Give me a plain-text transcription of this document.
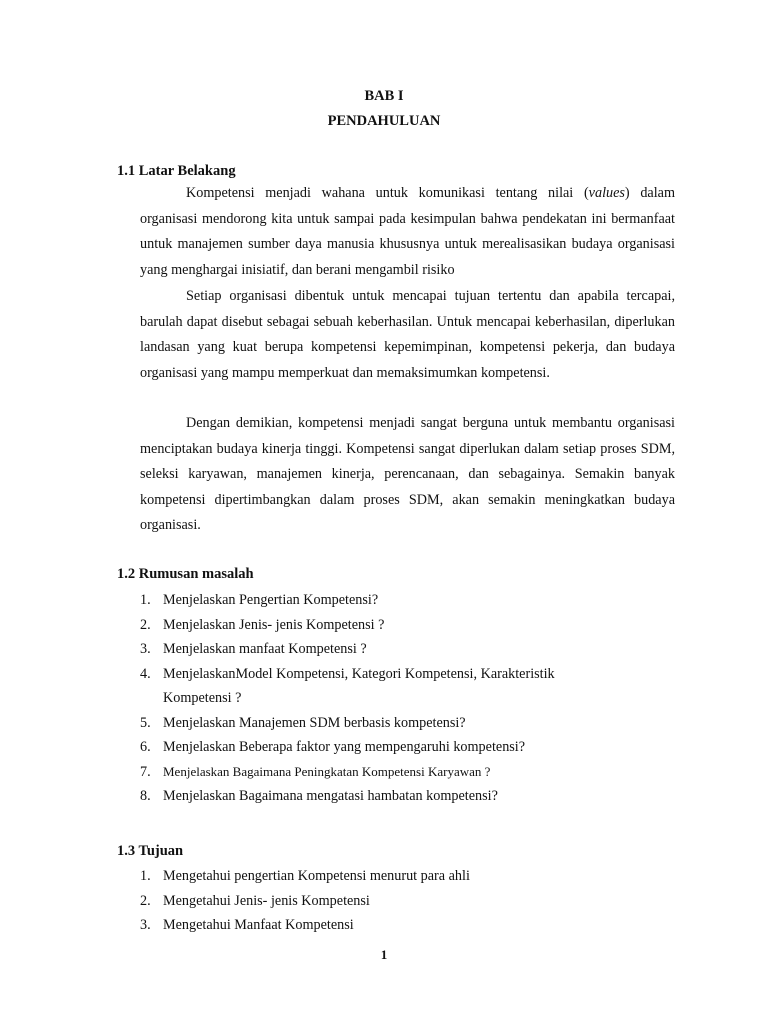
BAB I
PENDAHULUAN
1.1 Latar Belakang

Kompetensi menjadi wahana untuk komunikasi tentang nilai (values) dalam organisasi mendorong kita untuk sampai pada kesimpulan bahwa pendekatan ini bermanfaat untuk manajemen sumber daya manusia khususnya untuk merealisasikan budaya organisasi yang menghargai inisiatif, dan berani mengambil risiko

Setiap organisasi dibentuk untuk mencapai tujuan tertentu dan apabila tercapai, barulah dapat disebut sebagai sebuah keberhasilan. Untuk mencapai keberhasilan, diperlukan landasan yang kuat berupa kompetensi kepemimpinan, kompetensi pekerja, dan budaya organisasi yang mampu memperkuat dan memaksimumkan kompetensi.

Dengan demikian, kompetensi menjadi sangat berguna untuk membantu organisasi menciptakan budaya kinerja tinggi. Kompetensi sangat diperlukan dalam setiap proses SDM, seleksi karyawan, manajemen kinerja, perencanaan, dan sebagainya. Semakin banyak kompetensi dipertimbangkan dalam proses SDM, akan semakin meningkatkan budaya organisasi.

1.2 Rumusan masalah
1. Menjelaskan Pengertian Kompetensi?
2. Menjelaskan Jenis- jenis Kompetensi ?
3. Menjelaskan manfaat Kompetensi ?
4. MenjelaskanModel Kompetensi, Kategori Kompetensi, Karakteristik Kompetensi ?
5. Menjelaskan Manajemen SDM berbasis kompetensi?
6. Menjelaskan Beberapa faktor yang mempengaruhi kompetensi?
7. Menjelaskan Bagaimana Peningkatan Kompetensi Karyawan ?
8. Menjelaskan Bagaimana mengatasi hambatan kompetensi?
1.3 Tujuan
1. Mengetahui pengertian Kompetensi menurut para ahli
2. Mengetahui Jenis- jenis Kompetensi
3. Mengetahui Manfaat Kompetensi
1
